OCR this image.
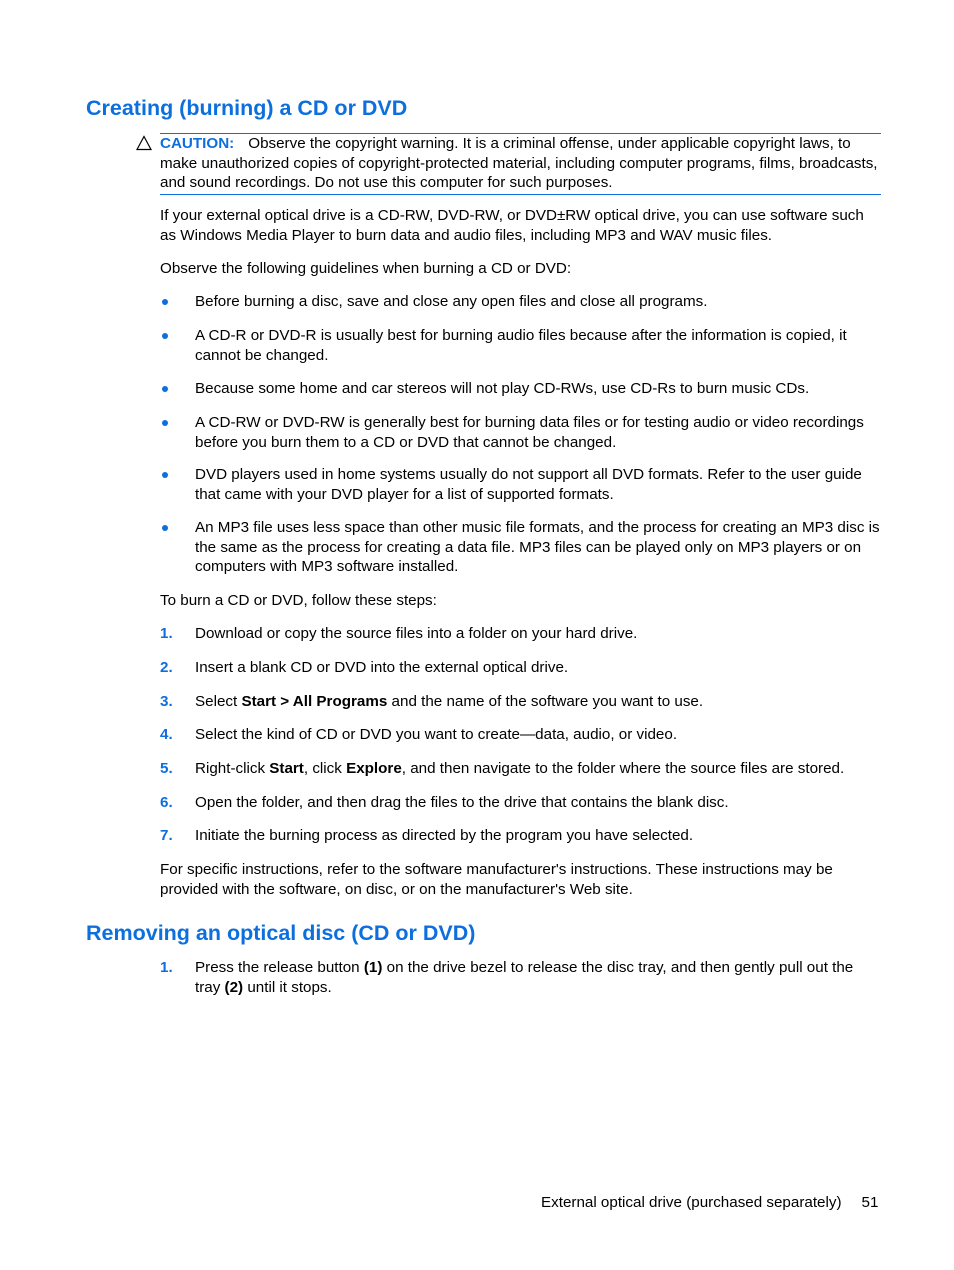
Creating (burning) a CD or DVD

CAUTION: Observe the copyright warning. It is a criminal offense, under applicable copyright laws, to make unauthorized copies of copyright-protected material, including computer programs, films, broadcasts, and sound recordings. Do not use this computer for such purposes.

If your external optical drive is a CD-RW, DVD-RW, or DVD±RW optical drive, you can use software such as Windows Media Player to burn data and audio files, including MP3 and WAV music files.

Observe the following guidelines when burning a CD or DVD:

Before burning a disc, save and close any open files and close all programs.
A CD-R or DVD-R is usually best for burning audio files because after the information is copied, it cannot be changed.
Because some home and car stereos will not play CD-RWs, use CD-Rs to burn music CDs.
A CD-RW or DVD-RW is generally best for burning data files or for testing audio or video recordings before you burn them to a CD or DVD that cannot be changed.
DVD players used in home systems usually do not support all DVD formats. Refer to the user guide that came with your DVD player for a list of supported formats.
An MP3 file uses less space than other music file formats, and the process for creating an MP3 disc is the same as the process for creating a data file. MP3 files can be played only on MP3 players or on computers with MP3 software installed.

To burn a CD or DVD, follow these steps:

1. Download or copy the source files into a folder on your hard drive.
2. Insert a blank CD or DVD into the external optical drive.
3. Select Start > All Programs and the name of the software you want to use.
4. Select the kind of CD or DVD you want to create—data, audio, or video.
5. Right-click Start, click Explore, and then navigate to the folder where the source files are stored.
6. Open the folder, and then drag the files to the drive that contains the blank disc.
7. Initiate the burning process as directed by the program you have selected.

For specific instructions, refer to the software manufacturer's instructions. These instructions may be provided with the software, on disc, or on the manufacturer's Web site.

Removing an optical disc (CD or DVD)
1. Press the release button (1) on the drive bezel to release the disc tray, and then gently pull out the tray (2) until it stops.
External optical drive (purchased separately) 51
